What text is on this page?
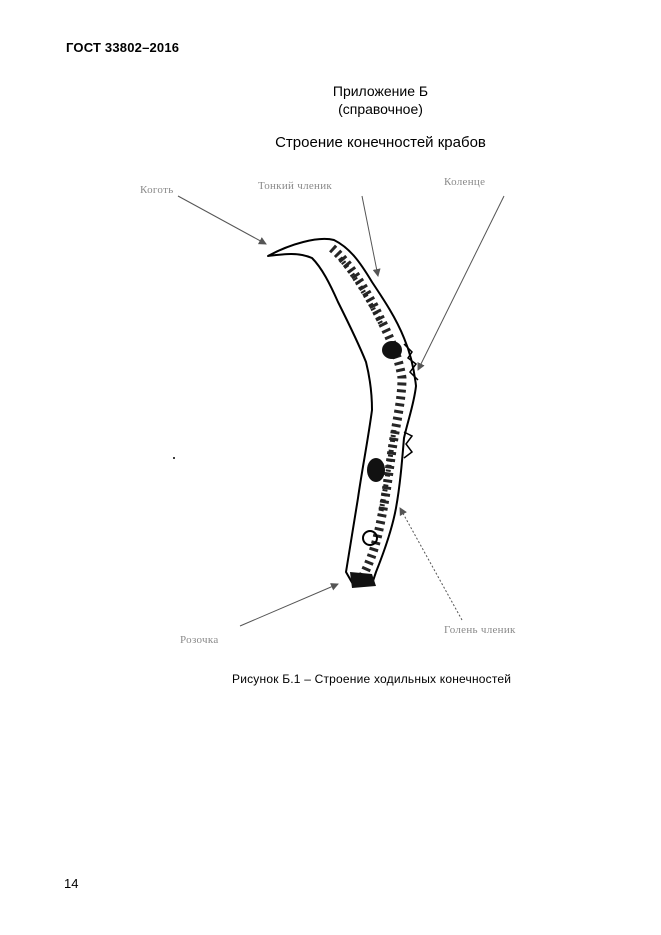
ГОСТ 33802–2016
Приложение Б
(справочное)
Строение конечностей крабов
Коготь	Тонкий членик	Коленце
Голень членик
Розочка
Рисунок Б.1 – Строение ходильных конечностей
14
